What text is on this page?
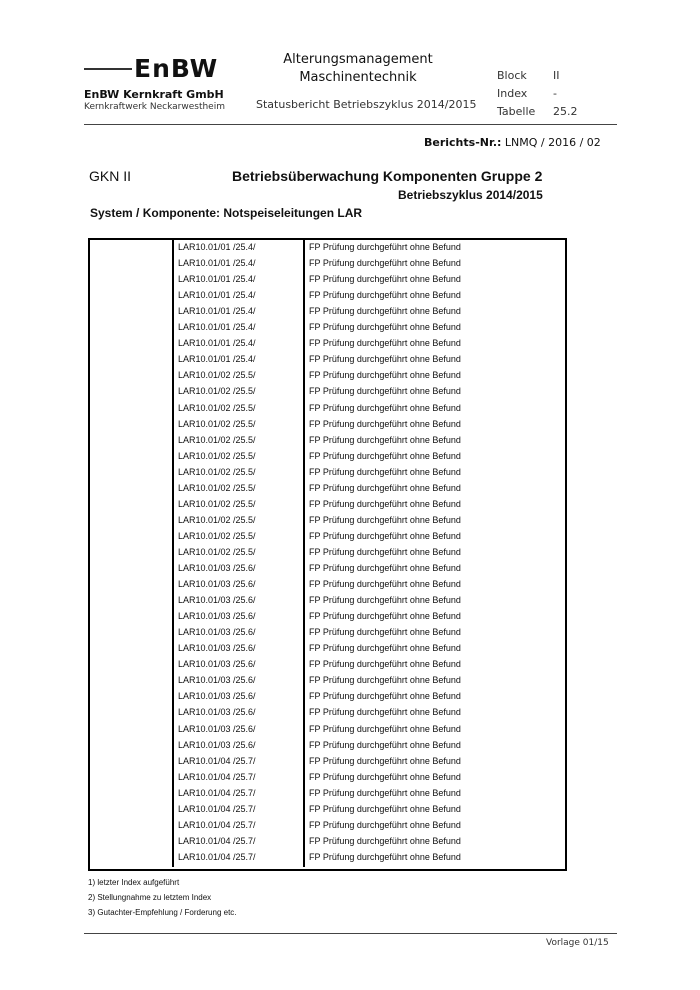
EnBW
EnBW Kernkraft GmbH
Kernkraftwerk Neckarwestheim
Alterungsmanagement
Maschinentechnik
Statusbericht Betriebszyklus 2014/2015
Block II
Index -
Tabelle 25.2
Berichts-Nr.: LNMQ / 2016 / 02
GKN II	Betriebsüberwachung Komponenten Gruppe 2
Betriebszyklus 2014/2015
System / Komponente: Notspeiseleitungen LAR
LAR10.01/01 /25.4/	FP Prüfung durchgeführt ohne Befund
LAR10.01/01 /25.4/	FP Prüfung durchgeführt ohne Befund
LAR10.01/01 /25.4/	FP Prüfung durchgeführt ohne Befund
LAR10.01/01 /25.4/	FP Prüfung durchgeführt ohne Befund
LAR10.01/01 /25.4/	FP Prüfung durchgeführt ohne Befund
LAR10.01/01 /25.4/	FP Prüfung durchgeführt ohne Befund
LAR10.01/01 /25.4/	FP Prüfung durchgeführt ohne Befund
LAR10.01/01 /25.4/	FP Prüfung durchgeführt ohne Befund
LAR10.01/02 /25.5/	FP Prüfung durchgeführt ohne Befund
LAR10.01/02 /25.5/	FP Prüfung durchgeführt ohne Befund
LAR10.01/02 /25.5/	FP Prüfung durchgeführt ohne Befund
LAR10.01/02 /25.5/	FP Prüfung durchgeführt ohne Befund
LAR10.01/02 /25.5/	FP Prüfung durchgeführt ohne Befund
LAR10.01/02 /25.5/	FP Prüfung durchgeführt ohne Befund
LAR10.01/02 /25.5/	FP Prüfung durchgeführt ohne Befund
LAR10.01/02 /25.5/	FP Prüfung durchgeführt ohne Befund
LAR10.01/02 /25.5/	FP Prüfung durchgeführt ohne Befund
LAR10.01/02 /25.5/	FP Prüfung durchgeführt ohne Befund
LAR10.01/02 /25.5/	FP Prüfung durchgeführt ohne Befund
LAR10.01/02 /25.5/	FP Prüfung durchgeführt ohne Befund
LAR10.01/03 /25.6/	FP Prüfung durchgeführt ohne Befund
LAR10.01/03 /25.6/	FP Prüfung durchgeführt ohne Befund
LAR10.01/03 /25.6/	FP Prüfung durchgeführt ohne Befund
LAR10.01/03 /25.6/	FP Prüfung durchgeführt ohne Befund
LAR10.01/03 /25.6/	FP Prüfung durchgeführt ohne Befund
LAR10.01/03 /25.6/	FP Prüfung durchgeführt ohne Befund
LAR10.01/03 /25.6/	FP Prüfung durchgeführt ohne Befund
LAR10.01/03 /25.6/	FP Prüfung durchgeführt ohne Befund
LAR10.01/03 /25.6/	FP Prüfung durchgeführt ohne Befund
LAR10.01/03 /25.6/	FP Prüfung durchgeführt ohne Befund
LAR10.01/03 /25.6/	FP Prüfung durchgeführt ohne Befund
LAR10.01/03 /25.6/	FP Prüfung durchgeführt ohne Befund
LAR10.01/04 /25.7/	FP Prüfung durchgeführt ohne Befund
LAR10.01/04 /25.7/	FP Prüfung durchgeführt ohne Befund
LAR10.01/04 /25.7/	FP Prüfung durchgeführt ohne Befund
LAR10.01/04 /25.7/	FP Prüfung durchgeführt ohne Befund
LAR10.01/04 /25.7/	FP Prüfung durchgeführt ohne Befund
LAR10.01/04 /25.7/	FP Prüfung durchgeführt ohne Befund
LAR10.01/04 /25.7/	FP Prüfung durchgeführt ohne Befund
1) letzter Index aufgeführt
2) Stellungnahme zu letztem Index
3) Gutachter-Empfehlung / Forderung etc.
Vorlage 01/15
